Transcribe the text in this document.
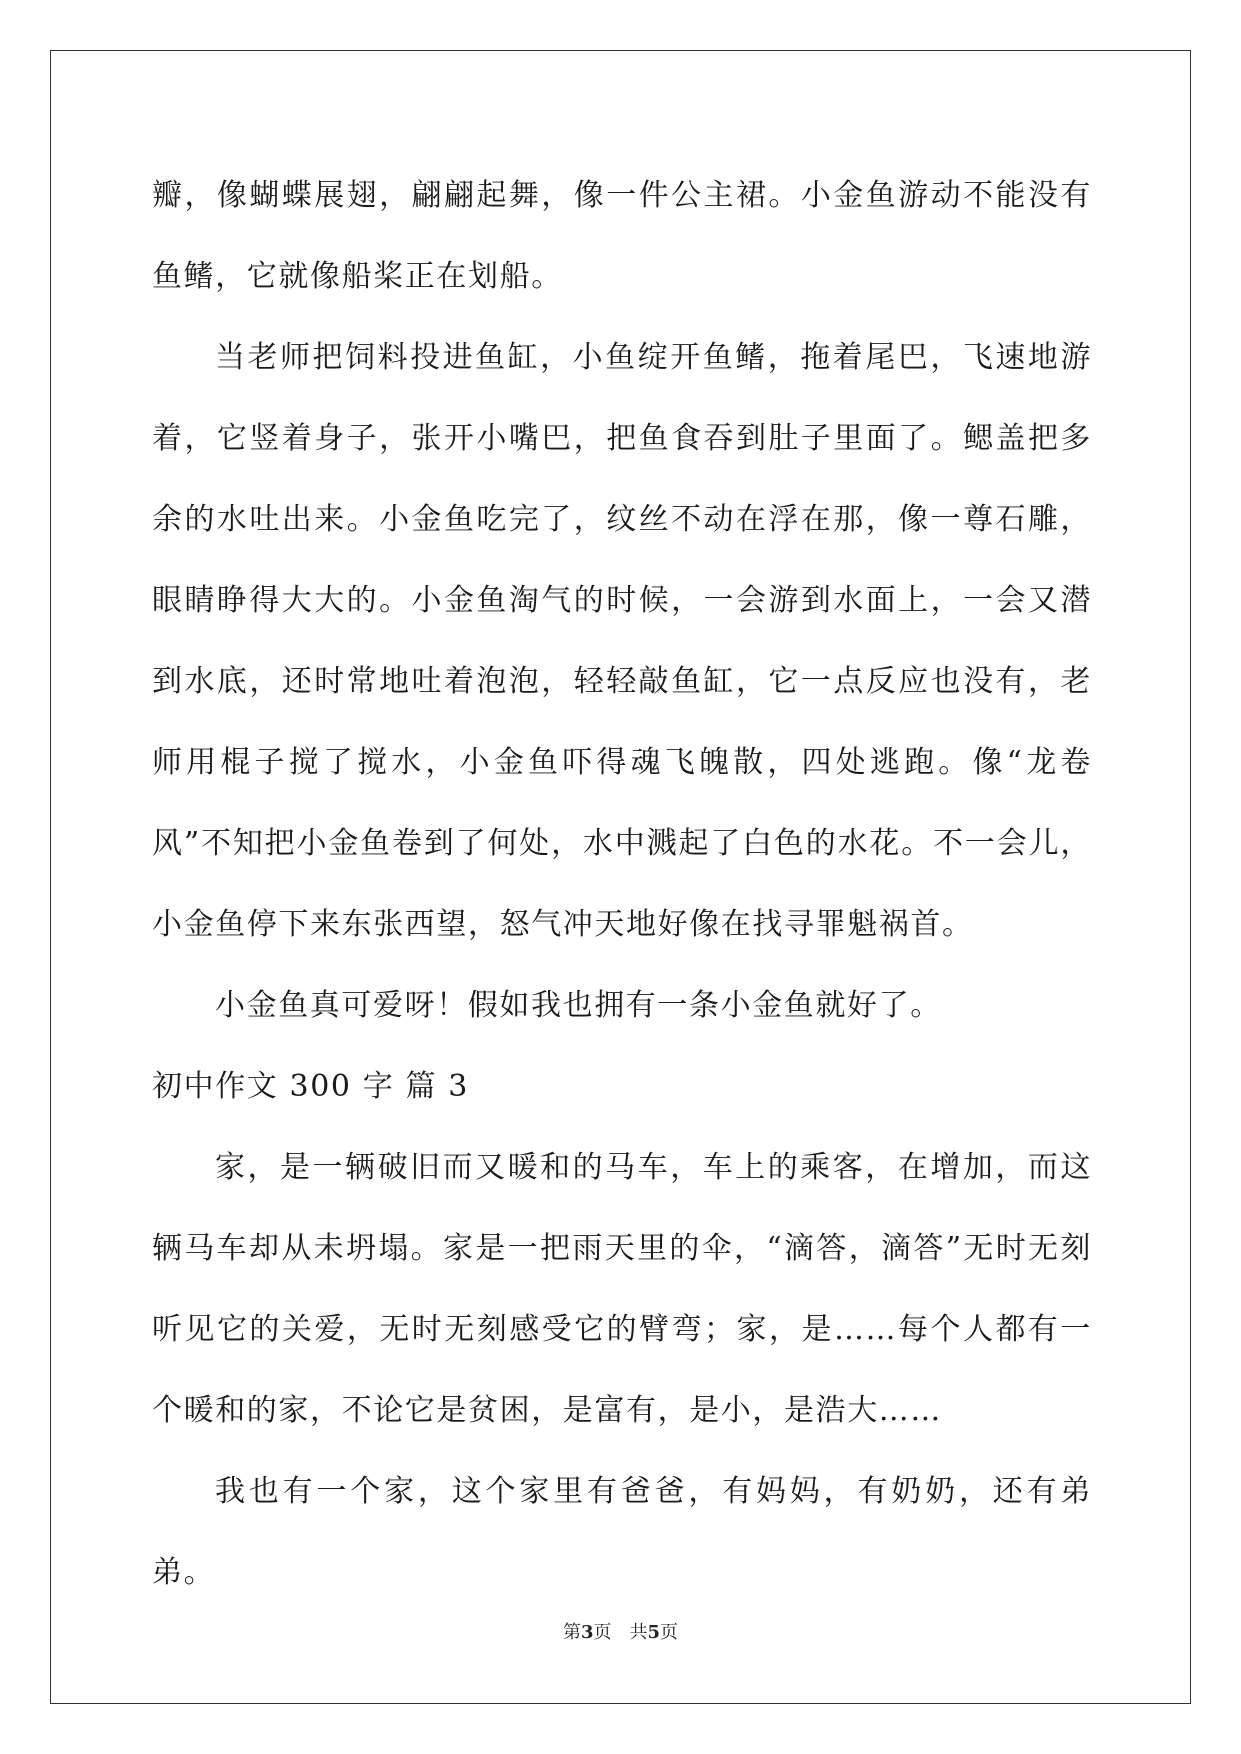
瓣，像蝴蝶展翅，翩翩起舞，像一件公主裙。小金鱼游动不能没有鱼鳍，它就像船桨正在划船。

当老师把饲料投进鱼缸，小鱼绽开鱼鳍，拖着尾巴，飞速地游着，它竖着身子，张开小嘴巴，把鱼食吞到肚子里面了。鳃盖把多余的水吐出来。小金鱼吃完了，纹丝不动在浮在那，像一尊石雕，眼睛睁得大大的。小金鱼淘气的时候，一会游到水面上，一会又潜到水底，还时常地吐着泡泡，轻轻敲鱼缸，它一点反应也没有，老师用棍子搅了搅水，小金鱼吓得魂飞魄散，四处逃跑。像“龙卷风”不知把小金鱼卷到了何处，水中溅起了白色的水花。不一会儿，小金鱼停下来东张西望，怒气冲天地好像在找寻罪魁祸首。

小金鱼真可爱呀！假如我也拥有一条小金鱼就好了。

初中作文 300 字 篇 3

家，是一辆破旧而又暖和的马车，车上的乘客，在增加，而这辆马车却从未坍塌。家是一把雨天里的伞，“滴答，滴答”无时无刻听见它的关爱，无时无刻感受它的臂弯；家，是……每个人都有一个暖和的家，不论它是贫困，是富有，是小，是浩大……

我也有一个家，这个家里有爸爸，有妈妈，有奶奶，还有弟弟。

第3页 共5页
